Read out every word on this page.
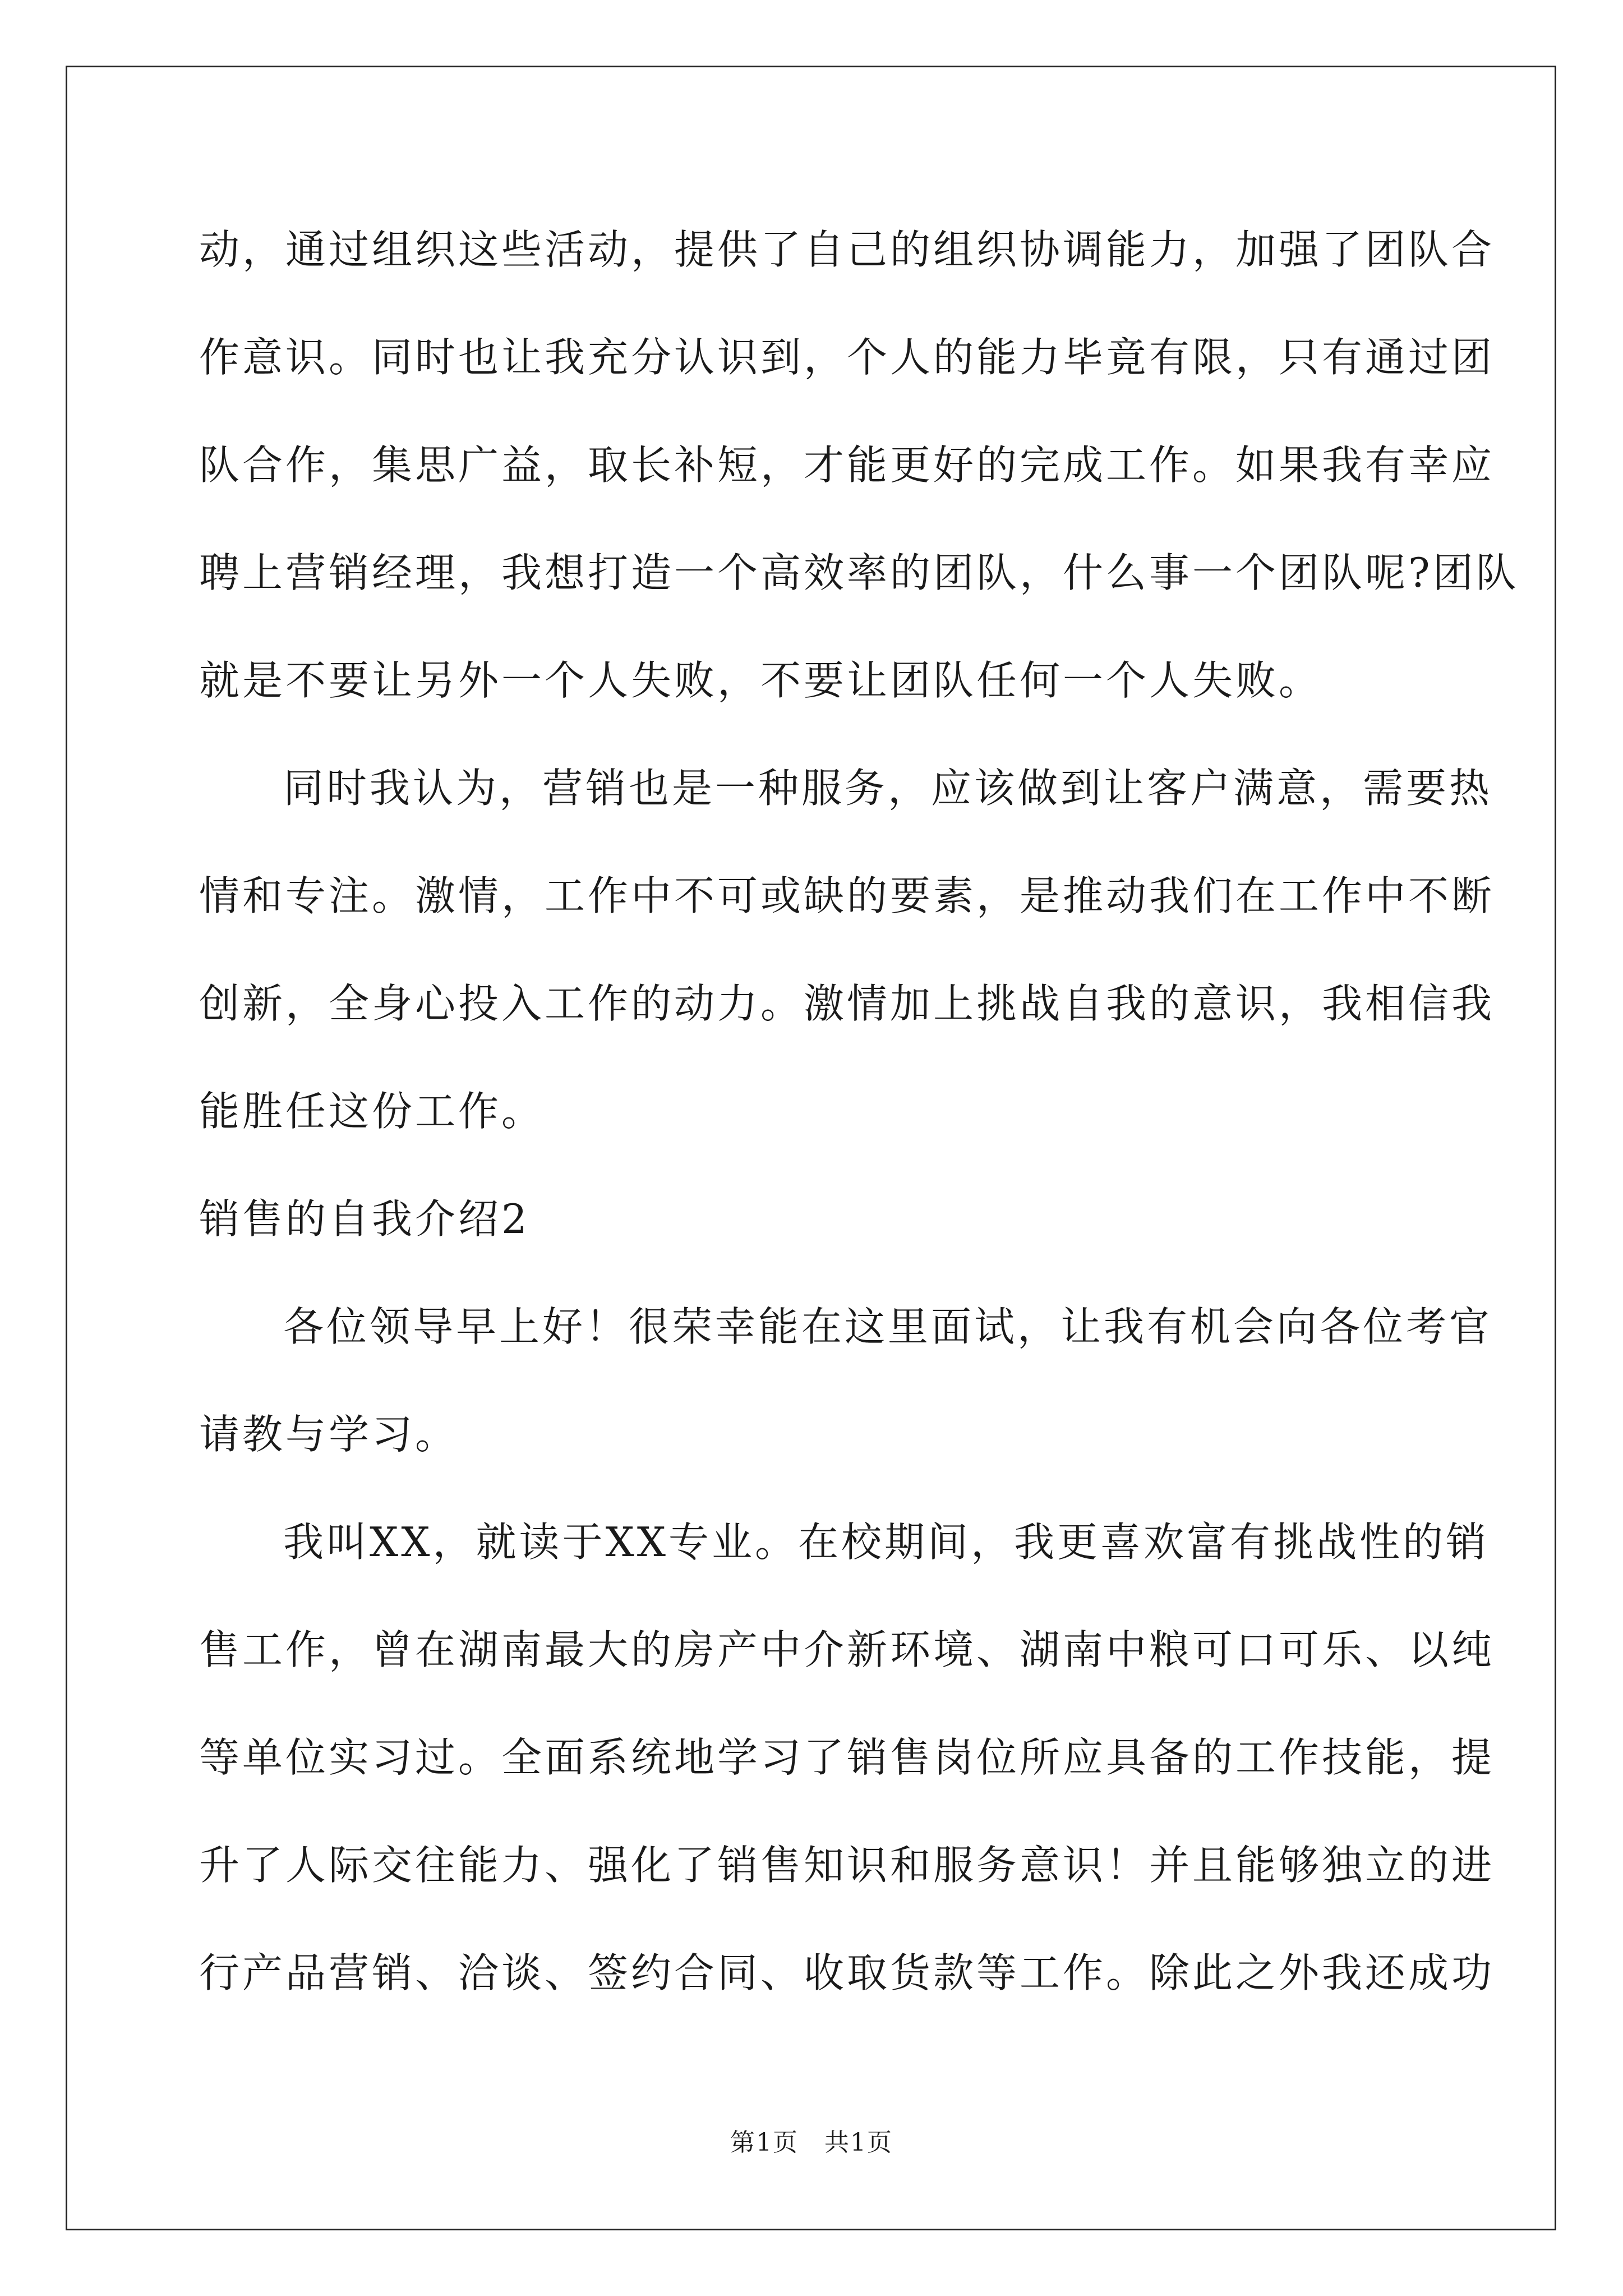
动，通过组织这些活动，提供了自己的组织协调能力，加强了团队合
作意识。同时也让我充分认识到，个人的能力毕竟有限，只有通过团
队合作，集思广益，取长补短，才能更好的完成工作。如果我有幸应
聘上营销经理，我想打造一个高效率的团队，什么事一个团队呢?团队
就是不要让另外一个人失败，不要让团队任何一个人失败。
同时我认为，营销也是一种服务，应该做到让客户满意，需要热
情和专注。激情，工作中不可或缺的要素，是推动我们在工作中不断
创新，全身心投入工作的动力。激情加上挑战自我的意识，我相信我
能胜任这份工作。
销售的自我介绍2
各位领导早上好！很荣幸能在这里面试，让我有机会向各位考官
请教与学习。
我叫XX，就读于XX专业。在校期间，我更喜欢富有挑战性的销
售工作，曾在湖南最大的房产中介新环境、湖南中粮可口可乐、以纯
等单位实习过。全面系统地学习了销售岗位所应具备的工作技能，提
升了人际交往能力、强化了销售知识和服务意识！并且能够独立的进
行产品营销、洽谈、签约合同、收取货款等工作。除此之外我还成功
第1页　共1页
